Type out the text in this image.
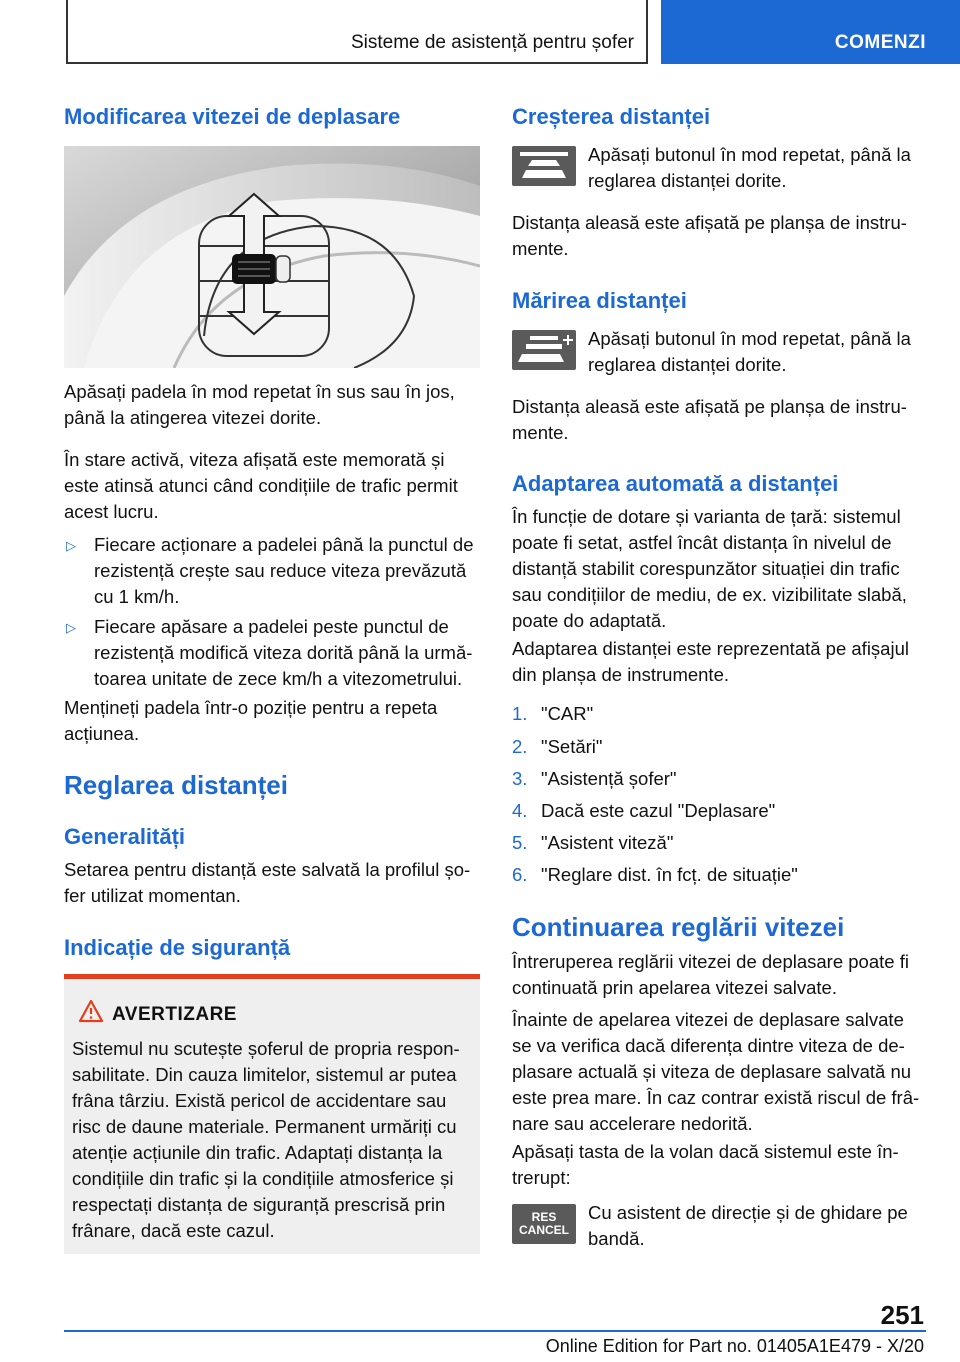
Sisteme de asistență pentru șofer	COMENZI
Modificarea vitezei de deplasare
Apăsați padela în mod repetat în sus sau în jos,
până la atingerea vitezei dorite.
În stare activă, viteza afișată este memorată și
este atinsă atunci când condițiile de trafic permit
acest lucru.
▷ Fiecare acționare a padelei până la punctul de
rezistență crește sau reduce viteza prevăzută
cu 1 km/h.
▷ Fiecare apăsare a padelei peste punctul de
rezistență modifică viteza dorită până la urmă-
toarea unitate de zece km/h a vitezometrului.
Mențineți padela într-o poziție pentru a repeta
acțiunea.
Reglarea distanței
Generalități
Setarea pentru distanță este salvată la profilul șo-
fer utilizat momentan.
Indicație de siguranță
AVERTIZARE
Sistemul nu scutește șoferul de propria respon-
sabilitate. Din cauza limitelor, sistemul ar putea
frâna târziu. Există pericol de accidentare sau
risc de daune materiale. Permanent urmăriți cu
atenție acțiunile din trafic. Adaptați distanța la
condițiile din trafic și la condițiile atmosferice și
respectați distanța de siguranță prescrisă prin
frânare, dacă este cazul.
Creșterea distanței
Apăsați butonul în mod repetat, până la
reglarea distanței dorite.
Distanța aleasă este afișată pe planșa de instru-
mente.
Mărirea distanței
Apăsați butonul în mod repetat, până la
reglarea distanței dorite.
Distanța aleasă este afișată pe planșa de instru-
mente.
Adaptarea automată a distanței
În funcție de dotare și varianta de țară: sistemul
poate fi setat, astfel încât distanța în nivelul de
distanță stabilit corespunzător situației din trafic
sau condițiilor de mediu, de ex. vizibilitate slabă,
poate do adaptată.
Adaptarea distanței este reprezentată pe afișajul
din planșa de instrumente.
1. "CAR"
2. "Setări"
3. "Asistență șofer"
4. Dacă este cazul "Deplasare"
5. "Asistent viteză"
6. "Reglare dist. în fcț. de situație"
Continuarea reglării vitezei
Întreruperea reglării vitezei de deplasare poate fi
continuată prin apelarea vitezei salvate.
Înainte de apelarea vitezei de deplasare salvate
se va verifica dacă diferența dintre viteza de de-
plasare actuală și viteza de deplasare salvată nu
este prea mare. În caz contrar există riscul de frâ-
nare sau accelerare nedorită.
Apăsați tasta de la volan dacă sistemul este în-
trerupt:
RES
CANCEL
Cu asistent de direcție și de ghidare pe
bandă.
251
Online Edition for Part no. 01405A1E479 - X/20
